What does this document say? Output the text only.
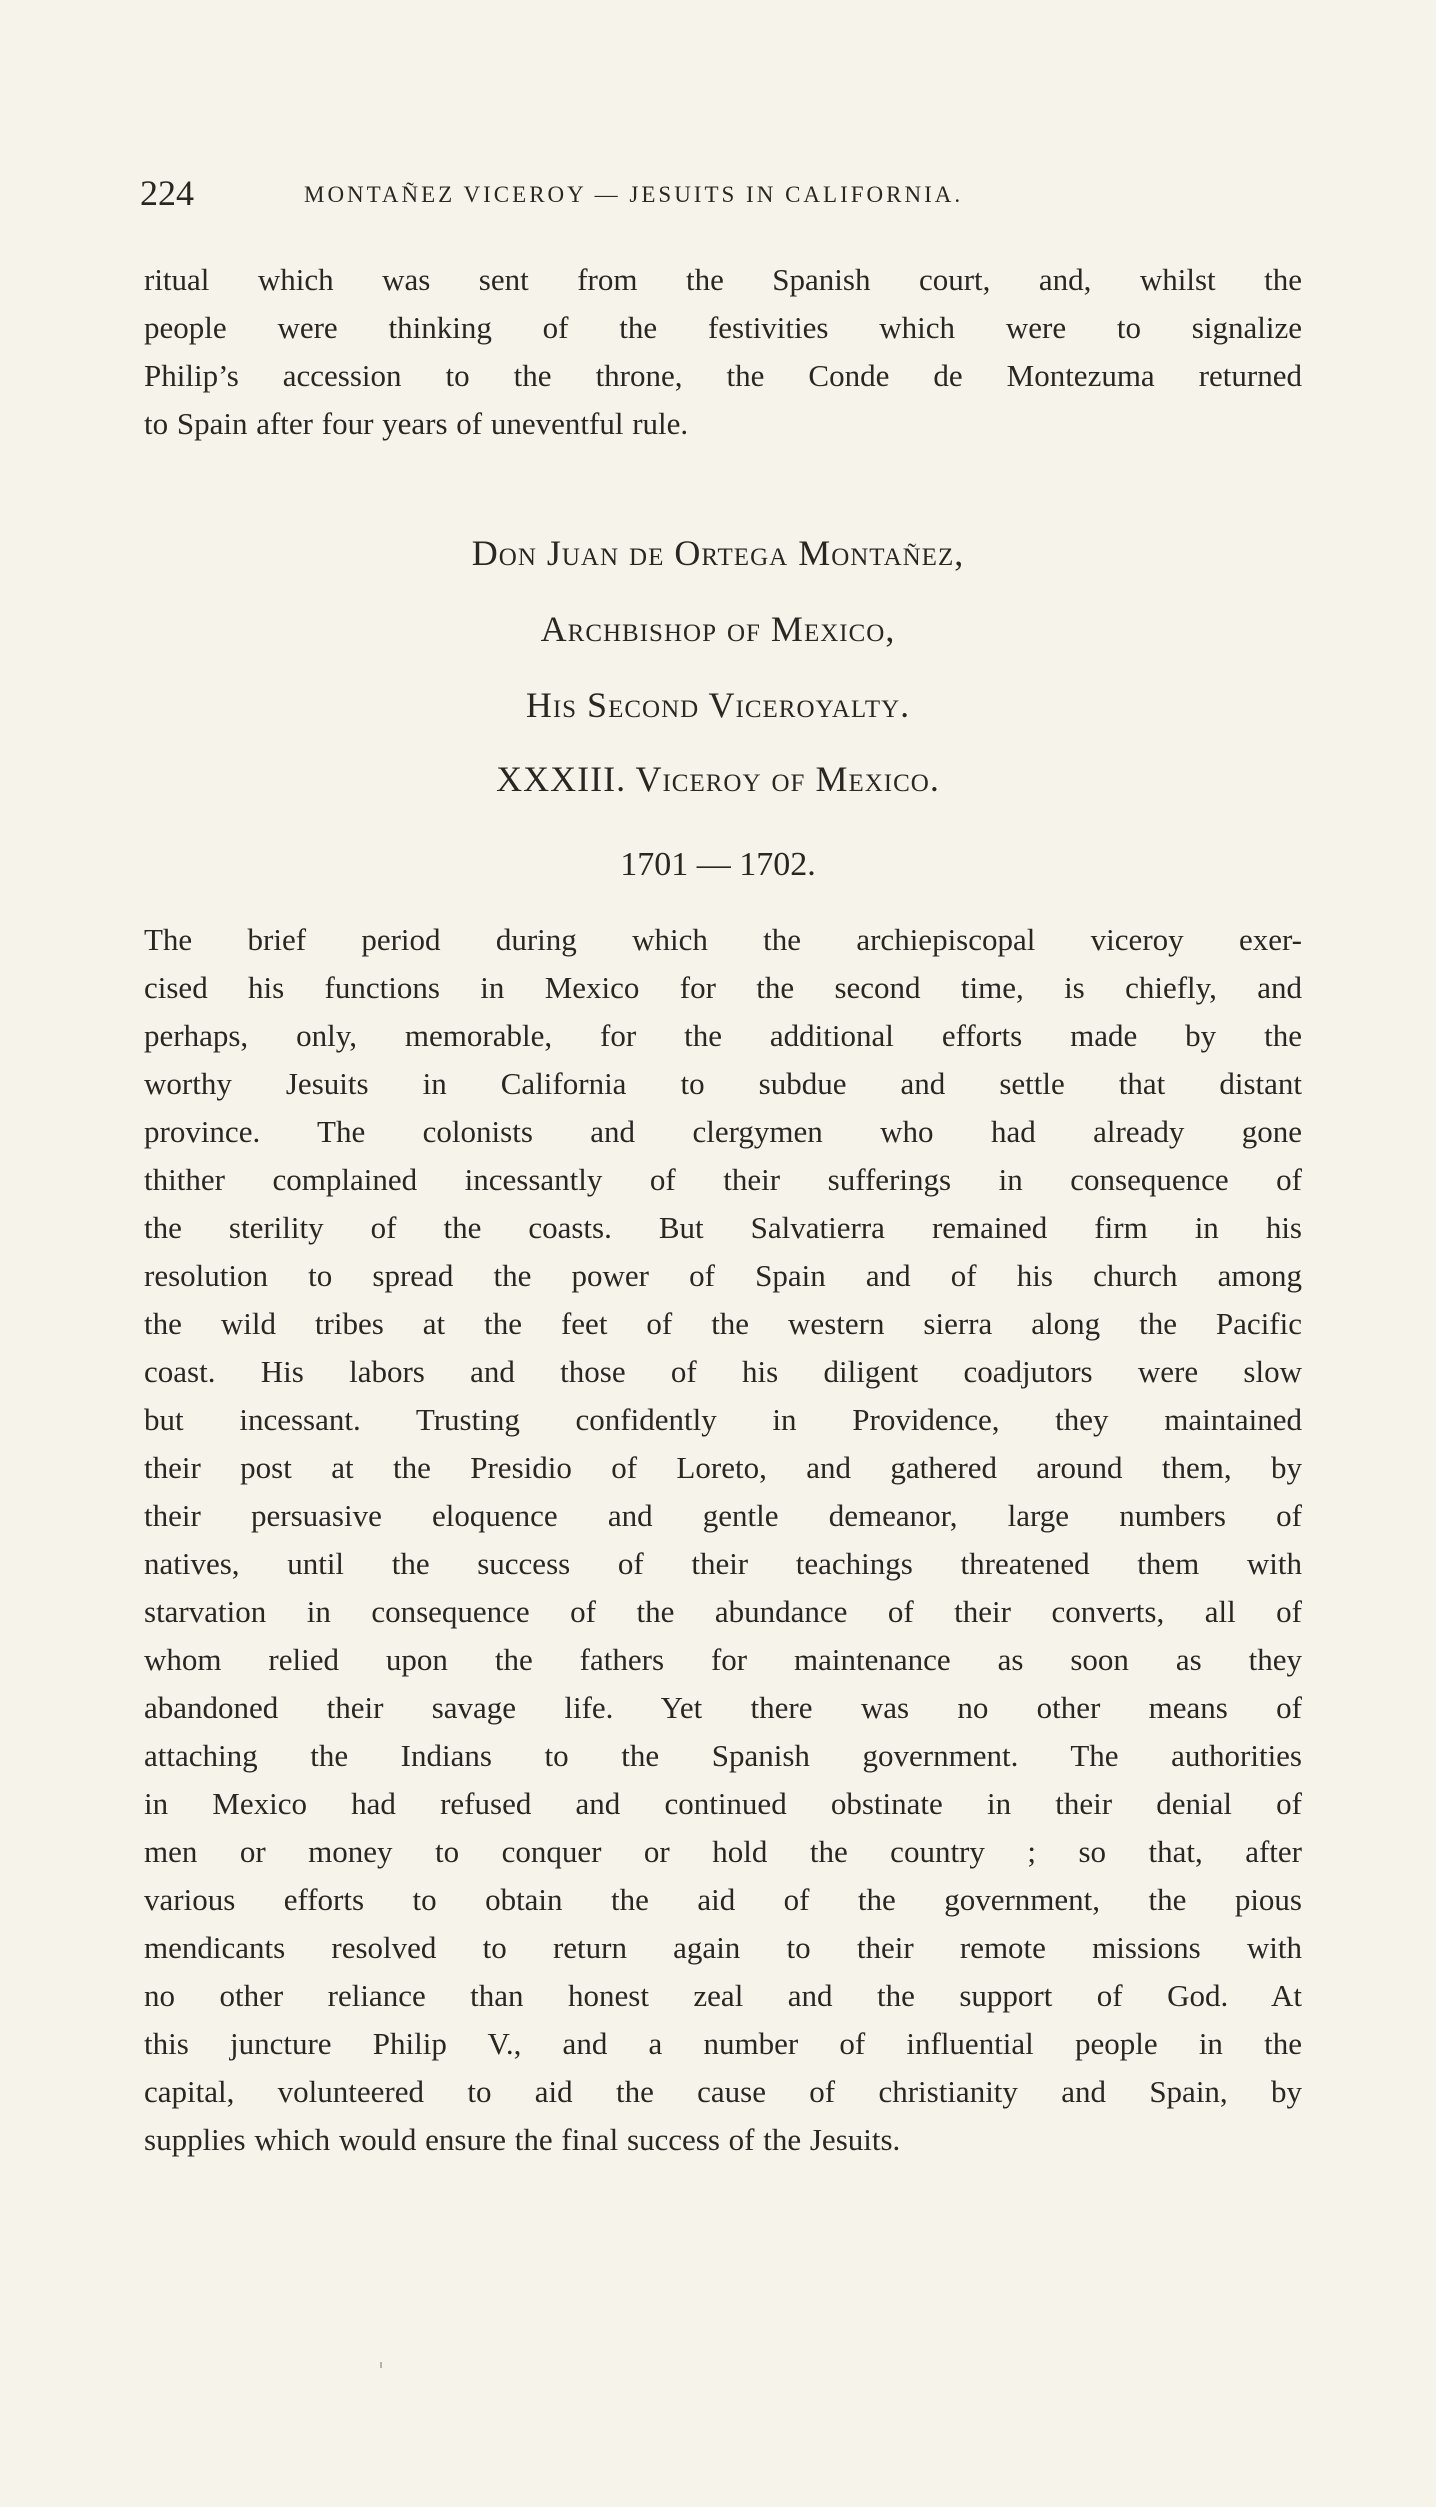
224	MONTAÑEZ VICEROY — JESUITS IN CALIFORNIA.
ritual which was sent from the Spanish court, and, whilst the
people were thinking of the festivities which were to signalize
Philip’s accession to the throne, the Conde de Montezuma returned
to Spain after four years of uneventful rule.
Don Juan de Ortega Montañez,
Archbishop of Mexico,
His Second Viceroyalty.
XXXIII. Viceroy of Mexico.
1701 — 1702.
The brief period during which the archiepiscopal viceroy exer-
cised his functions in Mexico for the second time, is chiefly, and
perhaps, only, memorable, for the additional efforts made by the
worthy Jesuits in California to subdue and settle that distant
province. The colonists and clergymen who had already gone
thither complained incessantly of their sufferings in consequence of
the sterility of the coasts. But Salvatierra remained firm in his
resolution to spread the power of Spain and of his church among
the wild tribes at the feet of the western sierra along the Pacific
coast. His labors and those of his diligent coadjutors were slow
but incessant. Trusting confidently in Providence, they maintained
their post at the Presidio of Loreto, and gathered around them, by
their persuasive eloquence and gentle demeanor, large numbers of
natives, until the success of their teachings threatened them with
starvation in consequence of the abundance of their converts, all of
whom relied upon the fathers for maintenance as soon as they
abandoned their savage life. Yet there was no other means of
attaching the Indians to the Spanish government. The authorities
in Mexico had refused and continued obstinate in their denial of
men or money to conquer or hold the country ; so that, after
various efforts to obtain the aid of the government, the pious
mendicants resolved to return again to their remote missions with
no other reliance than honest zeal and the support of God. At
this juncture Philip V., and a number of influential people in the
capital, volunteered to aid the cause of christianity and Spain, by
supplies which would ensure the final success of the Jesuits.
